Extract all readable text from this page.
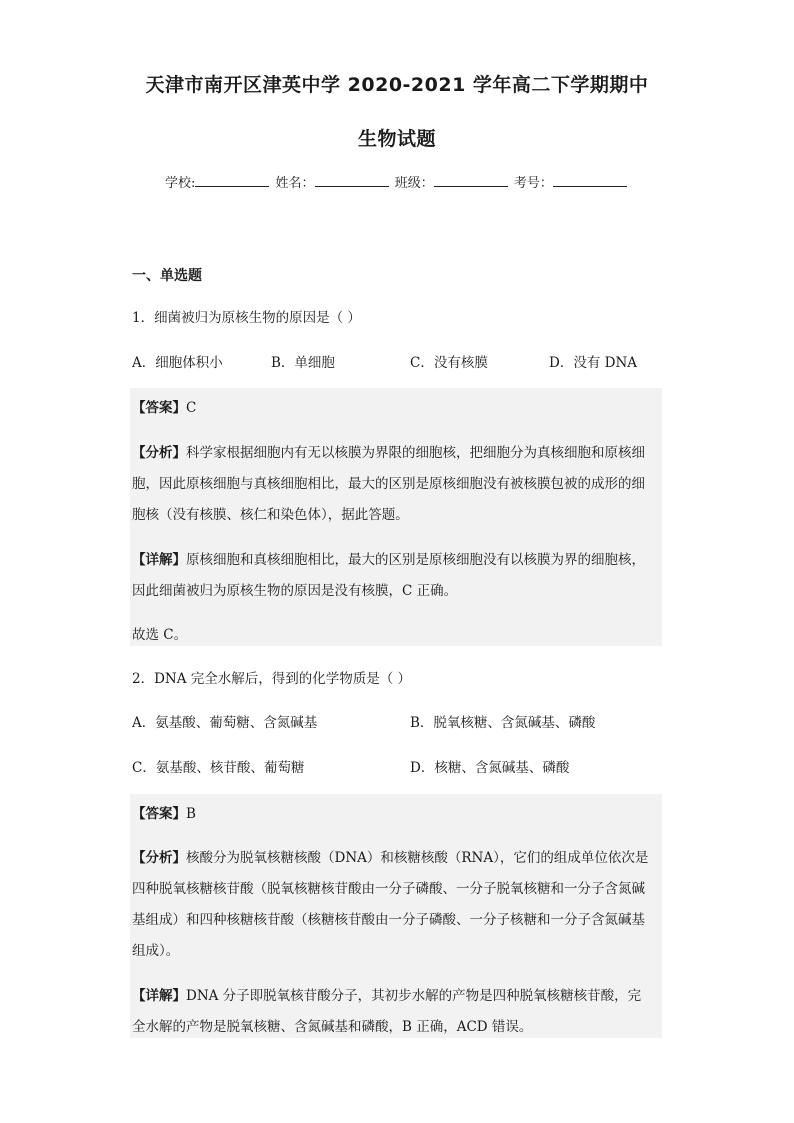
天津市南开区津英中学 2020-2021 学年高二下学期期中
生物试题
学校:	姓名：	班级：	考号：
一、单选题
1．细菌被归为原核生物的原因是（ ）
A．细胞体积小	B．单细胞	C．没有核膜	D．没有 DNA
【答案】C
【分析】科学家根据细胞内有无以核膜为界限的细胞核，把细胞分为真核细胞和原核细
胞，因此原核细胞与真核细胞相比，最大的区别是原核细胞没有被核膜包被的成形的细
胞核（没有核膜、核仁和染色体），据此答题。
【详解】原核细胞和真核细胞相比，最大的区别是原核细胞没有以核膜为界的细胞核，
因此细菌被归为原核生物的原因是没有核膜，C 正确。
故选 C。
2．DNA 完全水解后，得到的化学物质是（ ）
A．氨基酸、葡萄糖、含氮碱基	B．脱氧核糖、含氮碱基、磷酸
C．氨基酸、核苷酸、葡萄糖	D．核糖、含氮碱基、磷酸
【答案】B
【分析】核酸分为脱氧核糖核酸（DNA）和核糖核酸（RNA），它们的组成单位依次是
四种脱氧核糖核苷酸（脱氧核糖核苷酸由一分子磷酸、一分子脱氧核糖和一分子含氮碱
基组成）和四种核糖核苷酸（核糖核苷酸由一分子磷酸、一分子核糖和一分子含氮碱基
组成）。
【详解】DNA 分子即脱氧核苷酸分子，其初步水解的产物是四种脱氧核糖核苷酸，完
全水解的产物是脱氧核糖、含氮碱基和磷酸，B 正确，ACD 错误。
